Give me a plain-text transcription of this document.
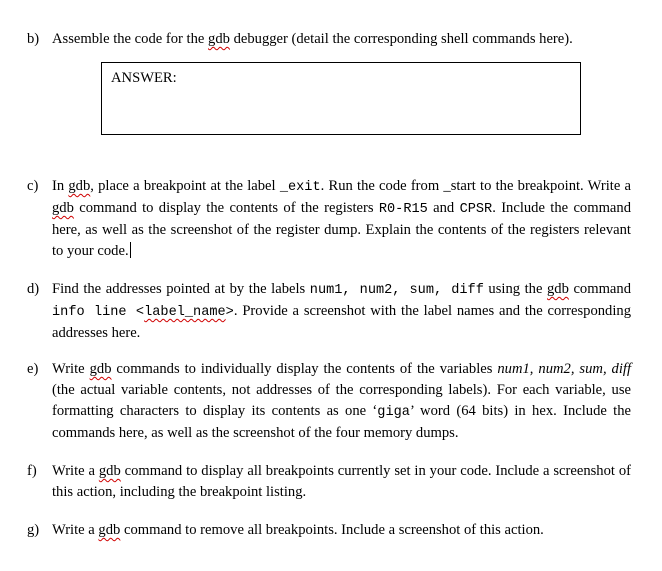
b) Assemble the code for the gdb debugger (detail the corresponding shell commands here).
ANSWER:
c) In gdb, place a breakpoint at the label _exit. Run the code from _start to the breakpoint. Write a gdb command to display the contents of the registers R0-R15 and CPSR. Include the command here, as well as the screenshot of the register dump. Explain the contents of the registers relevant to your code.
d) Find the addresses pointed at by the labels num1, num2, sum, diff using the gdb command info line <label_name>. Provide a screenshot with the label names and the corresponding addresses here.
e) Write gdb commands to individually display the contents of the variables num1, num2, sum, diff (the actual variable contents, not addresses of the corresponding labels). For each variable, use formatting characters to display its contents as one ‘giga’ word (64 bits) in hex. Include the commands here, as well as the screenshot of the four memory dumps.
f) Write a gdb command to display all breakpoints currently set in your code. Include a screenshot of this action, including the breakpoint listing.
g) Write a gdb command to remove all breakpoints. Include a screenshot of this action.
